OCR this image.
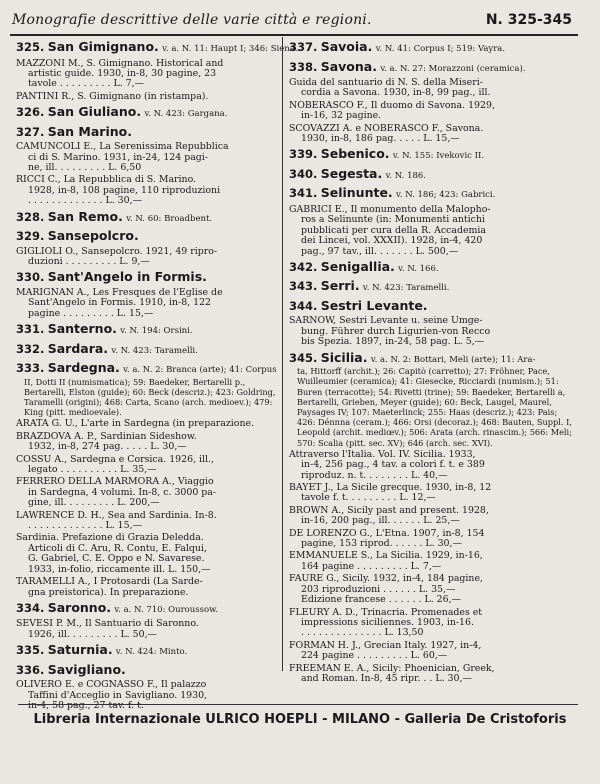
Monografie descrittive delle varie città e regioni.	N. 325-345
325. San Gimignano. v. a. N. 11: Haupt I; 346: Siena.
MAZZONI M., S. Gimignano. Historical and
artistic guide. 1930, in-8, 30 pagine, 23
tavole . . . . . . . . . L. 7,—
PANTINI R., S. Gimignano (in ristampa).
326. San Giuliano. v. N. 423: Gargana.
327. San Marino.
CAMUNCOLI E., La Serenissima Repubblica
ci di S. Marino. 1931, in-24, 124 pagi-
ne, ill. . . . . . . . . L. 6,50
RICCI C., La Repubblica di S. Marino.
1928, in-8, 108 pagine, 110 riproduzioni
. . . . . . . . . . . . . L. 30,—
328. San Remo. v. N. 60: Broadbent.
329. Sansepolcro.
GIGLIOLI O., Sansepolcro. 1921, 49 ripro-
duzioni . . . . . . . . . L. 9,—
330. Sant'Angelo in Formis.
MARIGNAN A., Les Fresques de l'Eglise de
Sant'Angelo in Formis. 1910, in-8, 122
pagine . . . . . . . . . L. 15,—
331. Santerno. v. N. 194: Orsini.
332. Sardara. v. N. 423: Taramelli.
333. Sardegna. v. a. N. 2: Branca (arte); 41: Corpus
II, Dotti II (numismatica); 59: Baedeker, Bertarelli p., Bertarelli, Elston (guide); 60: Beck (descriz.); 423: Goldring, Taramelli (origini); 468: Carta, Scano (arch. medioev.); 479: King (pitt. medioevale).
ARATA G. U., L'arte in Sardegna (in preparazione.
BRAZDOVA A. P., Sardinian Sideshow.
1932, in-8, 274 pag. . . . . L. 30,—
COSSU A., Sardegna e Corsica. 1926, ill.,
legato . . . . . . . . . . L. 35,—
FERRERO DELLA MARMORA A., Viaggio
in Sardegna, 4 volumi. In-8, c. 3000 pa-
gine, ill. . . . . . . . . L. 200,—
LAWRENCE D. H., Sea and Sardinia. In-8.
. . . . . . . . . . . . . L. 15,—
Sardinia. Prefazione di Grazia Deledda.
Articoli di C. Aru, R. Contu, E. Falqui,
G. Gabriel, C. E. Oppo e N. Savarese.
1933, in-folio, riccamente ill. L. 150,—
TARAMELLI A., I Protosardi (La Sarde-
gna preistorica). In preparazione.
334. Saronno. v. a. N. 710: Ouroussow.
SEVESI P. M., Il Santuario di Saronno.
1926, ill. . . . . . . . . L. 50,—
335. Saturnia. v. N. 424: Minto.
336. Savigliano.
OLIVERO E. e COGNASSO F., Il palazzo
Taffini d'Acceglio in Savigliano. 1930,
in-4, 58 pag., 27 tav. f. t.
337. Savoia. v. N. 41: Corpus I; 519: Vayra.
338. Savona. v. a. N. 27: Morazzoni (ceramica).
Guida del santuario di N. S. della Miseri-
cordia a Savona. 1930, in-8, 99 pag., ill.
NOBERASCO F., Il duomo di Savona. 1929,
in-16, 32 pagine.
SCOVAZZI A. e NOBERASCO F., Savona.
1930, in-8, 186 pag. . . . . L. 15,—
339. Sebenico. v. N. 155: Ivekovic II.
340. Segesta. v. N. 186.
341. Selinunte. v. N. 186; 423: Gabrici.
GABRICI E., Il monumento della Malopho-
ros a Selinunte (in: Monumenti antichi
pubblicati per cura della R. Accademia
dei Lincei, vol. XXXII). 1928, in-4, 420
pag., 97 tav., ill. . . . . . . L. 500,—
342. Senigallia. v. N. 166.
343. Serri. v. N. 423: Taramelli.
344. Sestri Levante.
SARNOW, Sestri Levante u. seine Umge-
bung. Führer durch Ligurien-von Recco
bis Spezia. 1897, in-24, 58 pag. L. 5,—
345. Sicilia. v. a. N. 2: Bottari, Meli (arte); 11: Ara-
ta, Hittorff (archit.); 26: Capitò (carretto); 27: Fröhner, Pace, Wuilleumier (ceramica); 41: Giesecke, Ricciardi (numism.); 51: Buren (terracotte); 54: Rivetti (trine); 59: Baedeker, Bertarelli a, Bertarelli, Grieben, Meyer (guide); 60: Beck, Laugel, Maurel, Paysages IV; 107: Maeterlinck; 255: Haas (descriz.); 423: Pais; 426: Dénnna (ceram.); 466: Orsi (decoraz.); 468: Bauten, Suppl. I, Leopold (archit. mediœv.); 506: Arata (arch. rinascim.); 566: Meli; 570: Scalia (pitt. sec. XV); 646 (arch. sec. XVI).
Attraverso l'Italia. Vol. IV. Sicilia. 1933,
in-4, 256 pag., 4 tav. a colori f. t. e 389
riproduz. n. t. . . . . . . . L. 40,—
BAYET J., La Sicile grecque. 1930, in-8, 12
tavole f. t. . . . . . . . . L. 12,—
BROWN A., Sicily past and present. 1928,
in-16, 200 pag., ill. . . . . . L. 25,—
DE LORENZO G., L'Etna. 1907, in-8, 154
pagine, 153 riprod. . . . . . L. 30,—
EMMANUELE S., La Sicilia. 1929, in-16,
164 pagine . . . . . . . . . L. 7,—
FAURE G., Sicily. 1932, in-4, 184 pagine,
203 riproduzioni . . . . . . L. 35,—
Edizione francese . . . . . . L. 26,—
FLEURY A. D., Trinacria. Promenades et
impressions siciliennes. 1903, in-16.
. . . . . . . . . . . . . . L. 13,50
FORMAN H. J., Grecian Italy. 1927, in-4,
224 pagine . . . . . . . . . L. 60,—
FREEMAN E. A., Sicily: Phoenician, Greek,
and Roman. In-8, 45 ripr. . . L. 30,—
Libreria Internazionale ULRICO HOEPLI - MILANO - Galleria De Cristoforis
